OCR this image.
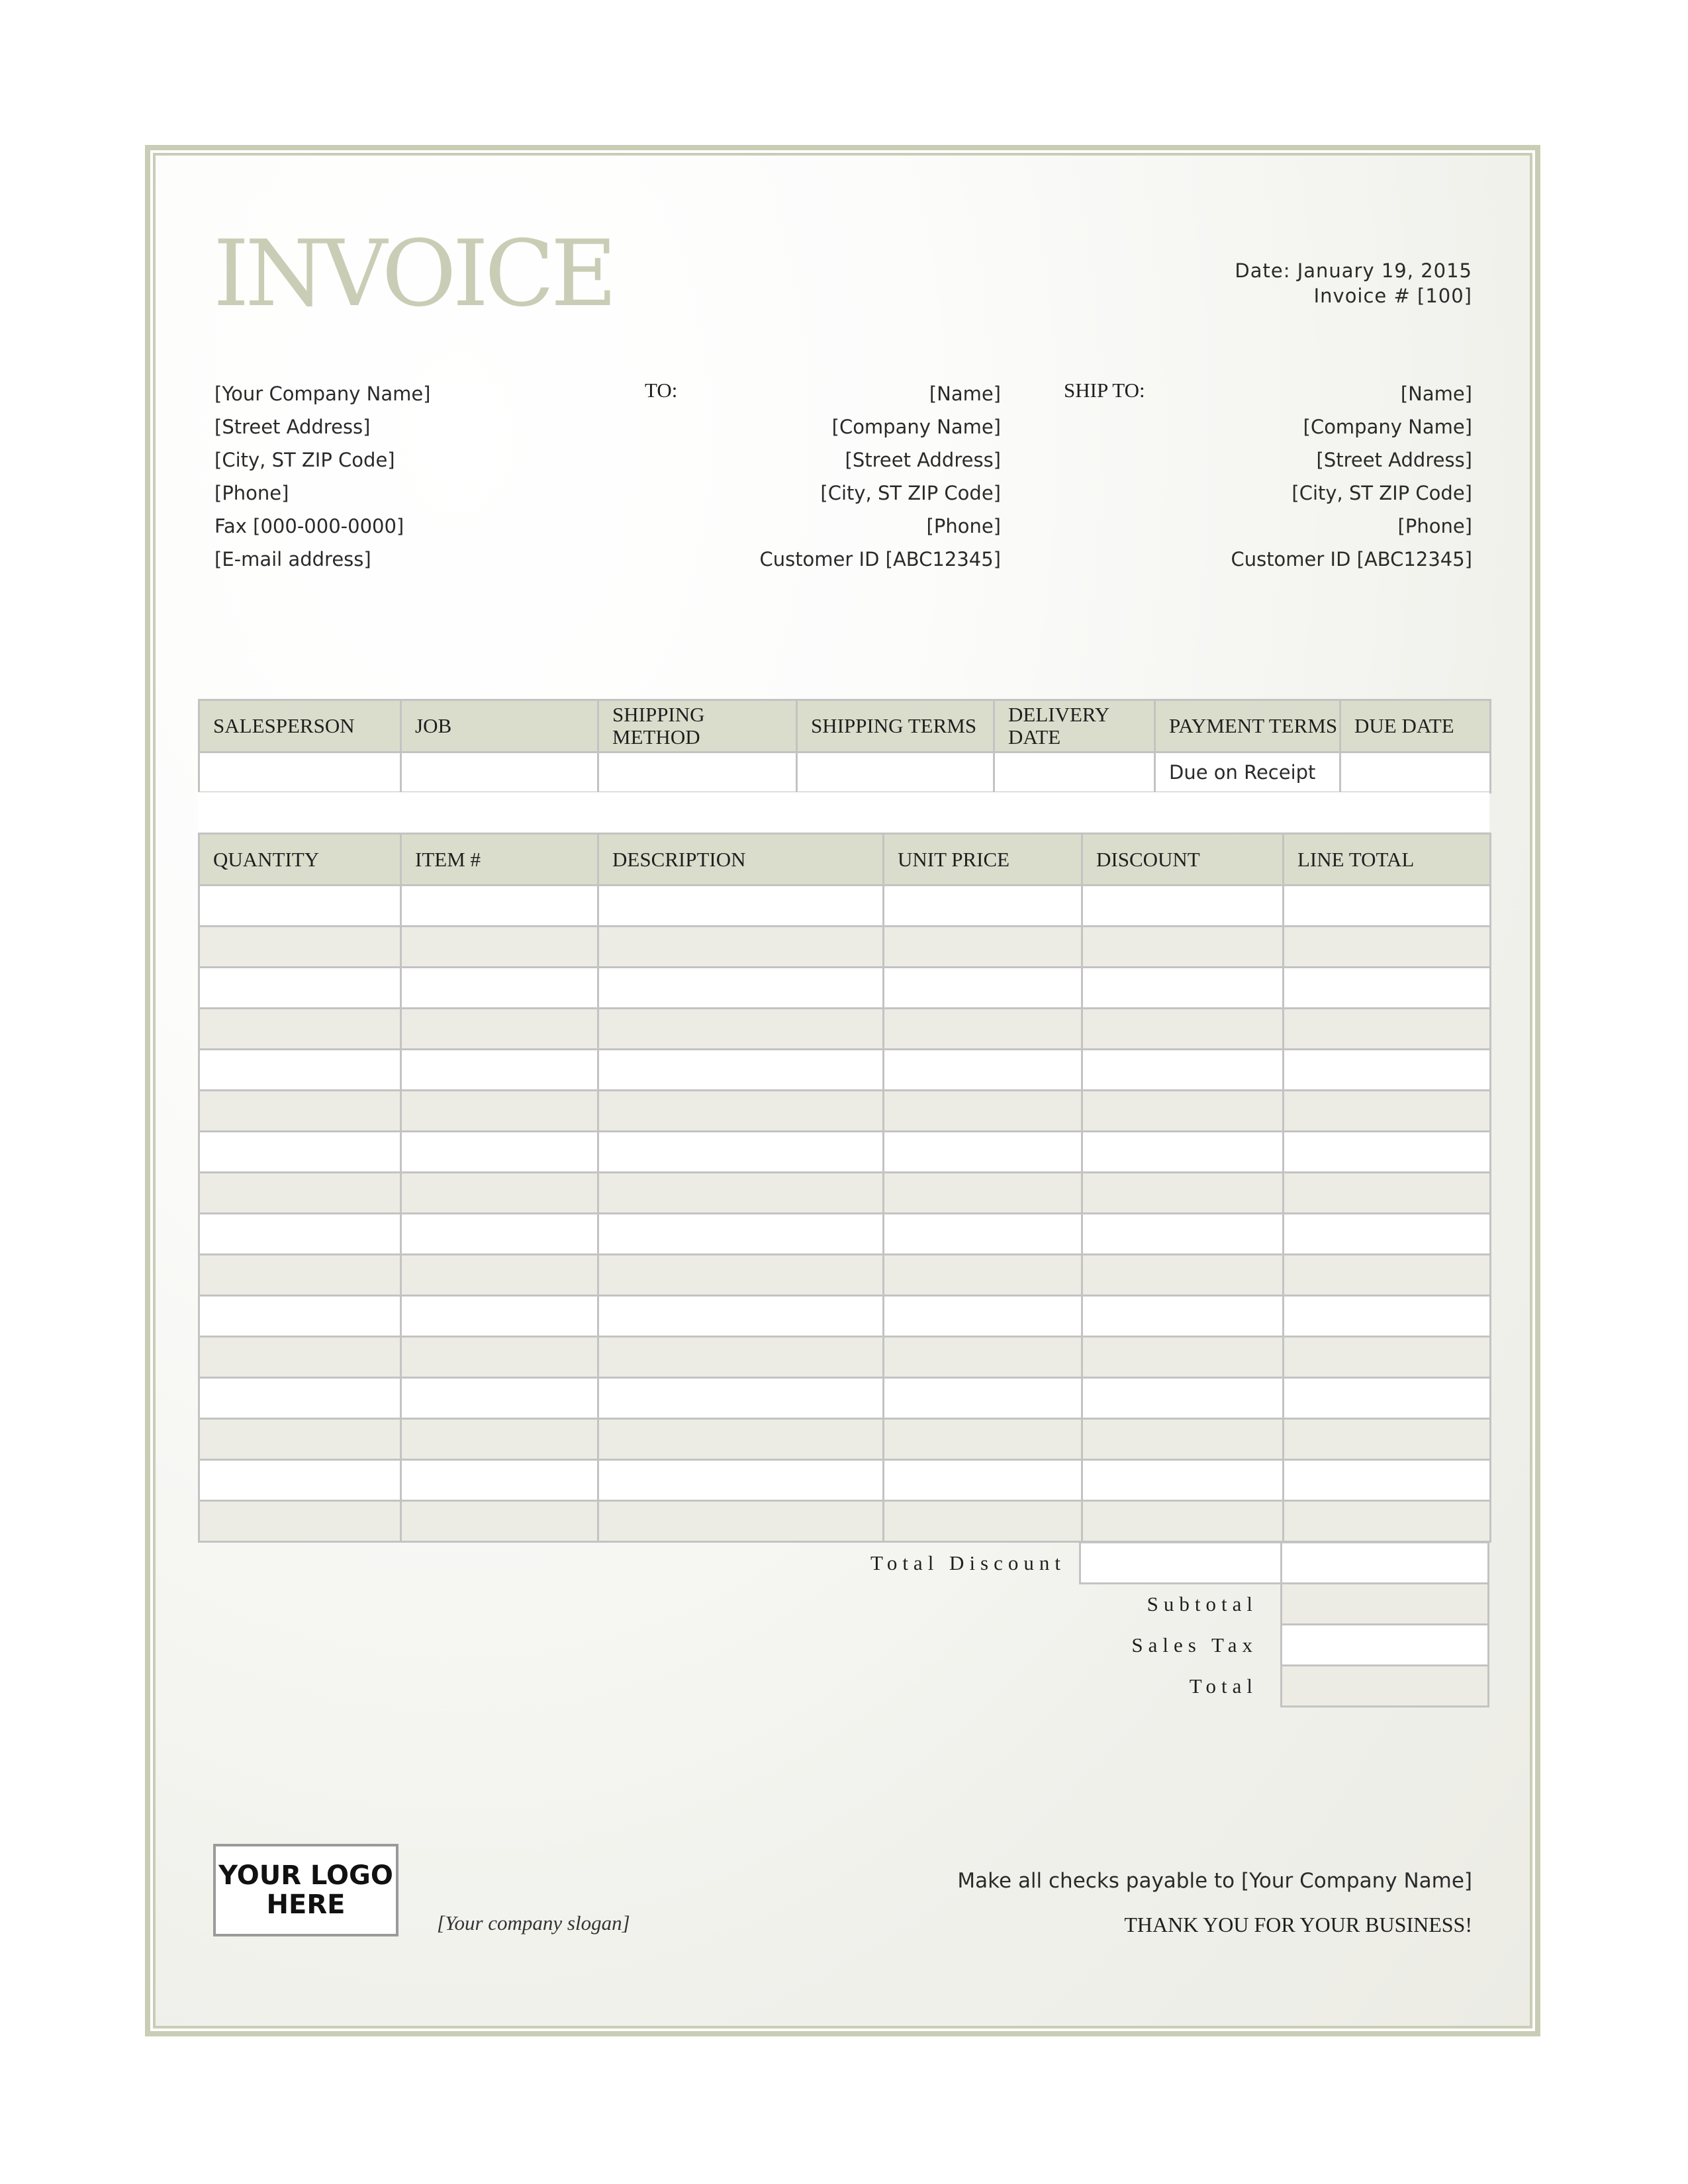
INVOICE	Date: January 19, 2015
Invoice # [100]
[Your Company Name]
[Street Address]
[City, ST ZIP Code]
[Phone]
Fax [000-000-0000]
[E-mail address]
TO:	[Name]
[Company Name]
[Street Address]
[City, ST ZIP Code]
[Phone]
Customer ID [ABC12345]
SHIP TO:	[Name]
[Company Name]
[Street Address]
[City, ST ZIP Code]
[Phone]
Customer ID [ABC12345]
SALESPERSON	JOB	SHIPPING METHOD	SHIPPING TERMS	DELIVERY DATE	PAYMENT TERMS	DUE DATE
					Due on Receipt	
QUANTITY	ITEM #	DESCRIPTION	UNIT PRICE	DISCOUNT	LINE TOTAL

Total Discount
Subtotal
Sales Tax
Total
YOUR LOGO
HERE
[Your company slogan]
Make all checks payable to [Your Company Name]
THANK YOU FOR YOUR BUSINESS!
